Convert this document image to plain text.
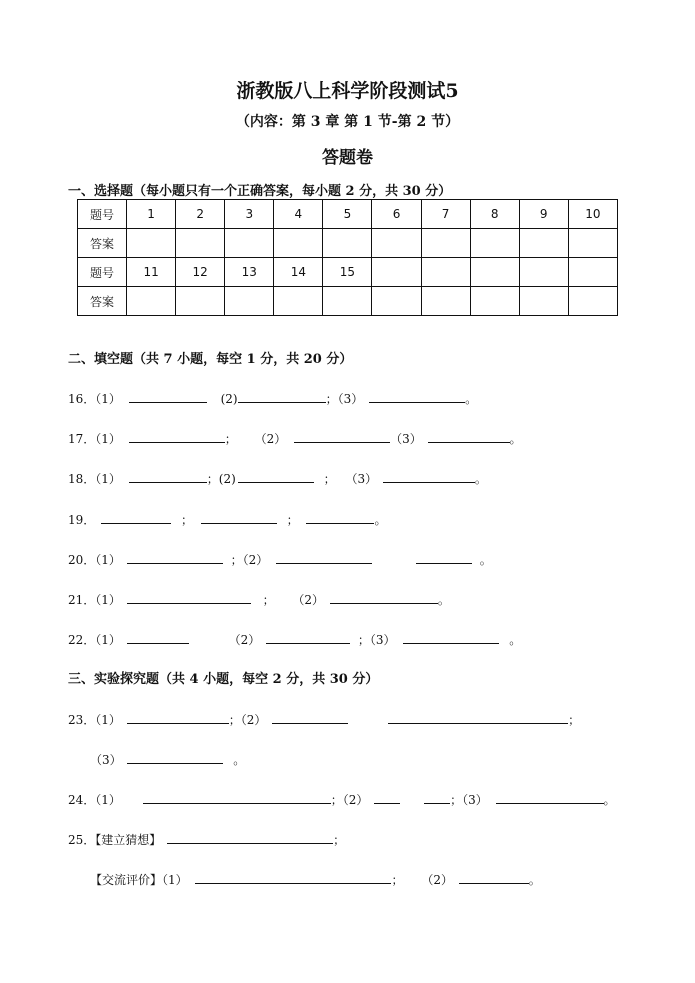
浙教版八上科学阶段测试5
（内容：第 3 章 第 1 节-第 2 节）
答题卷
一、选择题（每小题只有一个正确答案，每小题 2 分，共 30 分）
题号	1	2	3	4	5	6	7	8	9	10
答案										
题号	11	12	13	14	15					
答案										
二、填空题（共 7 小题，每空 1 分，共 20 分）
16．（1）	(2)	；（3）	。
17．（1）	； （2）	（3）	。
18．（1）	；(2)	； （3）	。
19．	；	；	。
20．（1）	；（2）	。
21．（1）	； （2）	。
22．（1）	（2）	；（3）	。
三、实验探究题（共 4 小题，每空 2 分，共 30 分）
23．（1）	；（2）	；
（3）	。
24．（1）	；（2）	；（3）	。
25．【建立猜想】	；
【交流评价】（1）	； （2）	。
